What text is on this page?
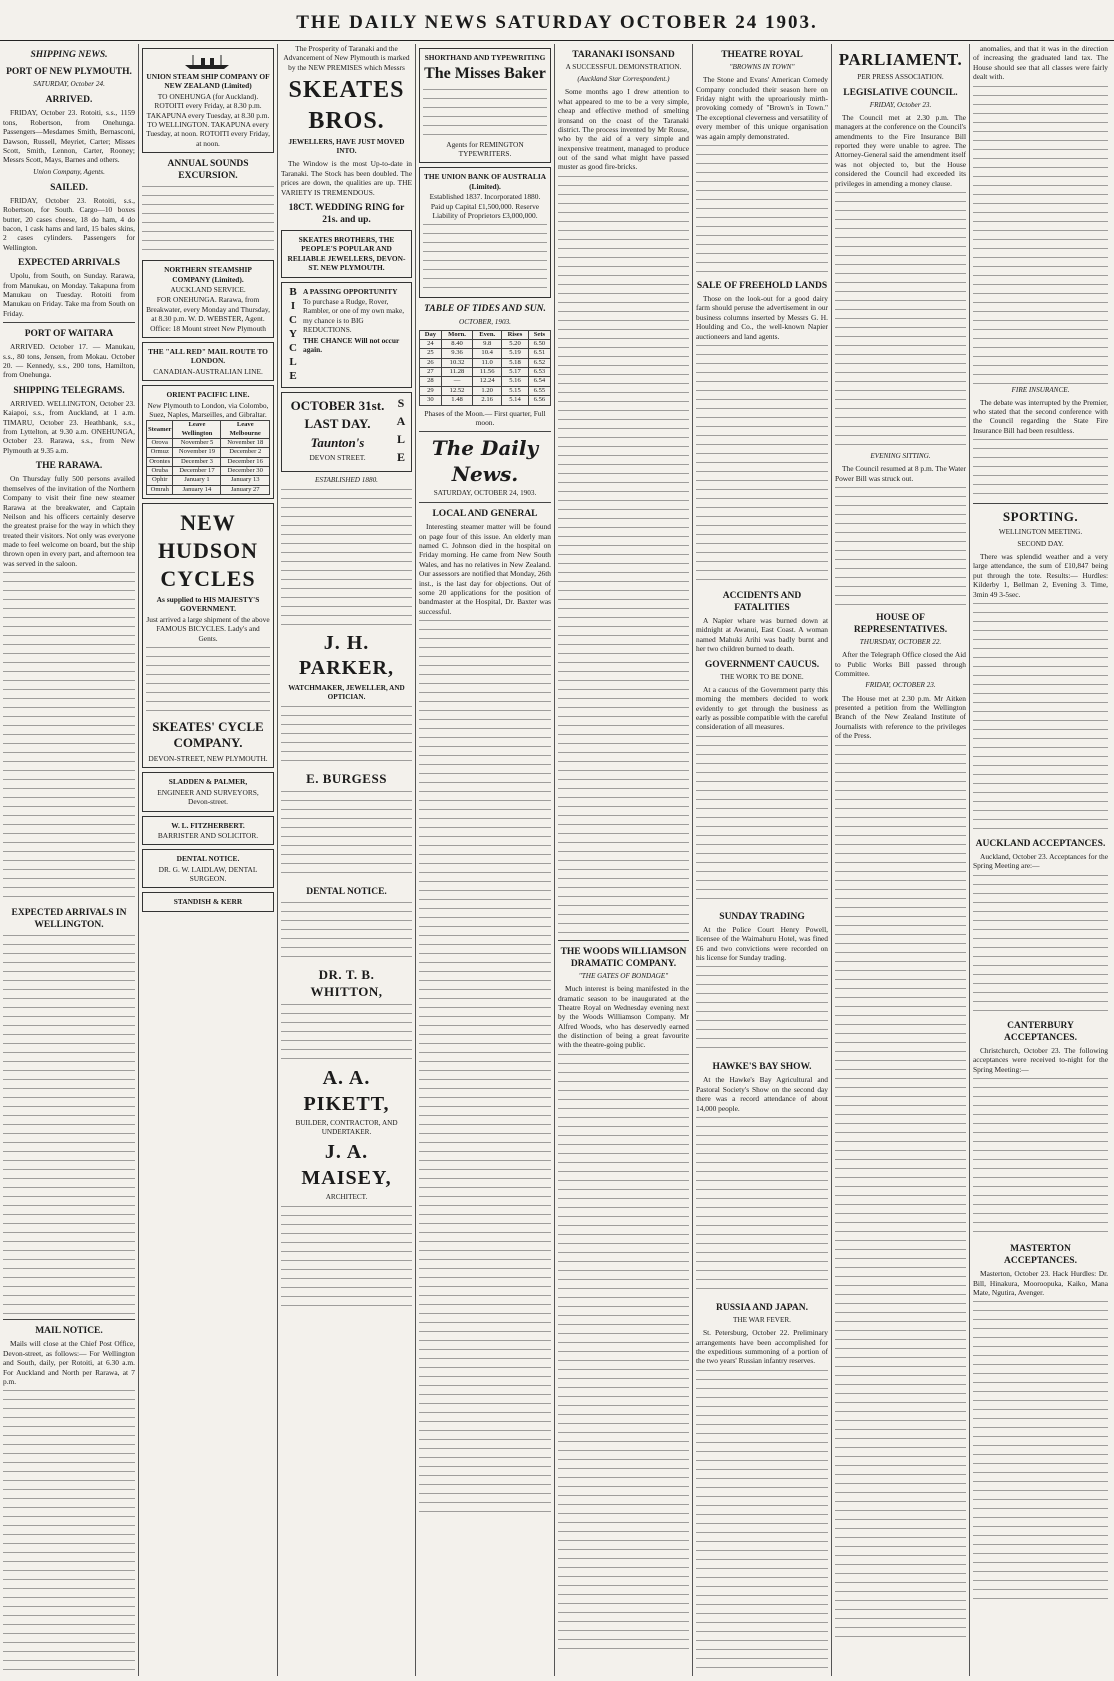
THE DAILY NEWS SATURDAY OCTOBER 24 1903.
SHIPPING NEWS.
PORT OF NEW PLYMOUTH.
SATURDAY, October 24.
ARRIVED.

FRIDAY, October 23. Rotoiti, s.s., 1159 tons, Robertson, from Onehunga. Passengers—Mesdames Smith, Bernasconi, Dawson, Russell, Meyriet, Carter; Misses Scott, Smith, Lennon, Carter, Rooney; Messrs Scott, Mays, Barnes and others.

Union Company, Agents.
SAILED.

FRIDAY, October 23. Rotoiti, s.s., Robertson, for South. Cargo—10 boxes butter, 20 cases cheese, 18 do ham, 4 do bacon, 1 cask hams and lard, 15 bales skins, 2 cases cylinders. Passengers for Wellington.

EXPECTED ARRIVALS

Upolu, from South, on Sunday. Rarawa, from Manukau, on Monday. Takapuna from Manukau on Tuesday. Rotoiti from Manukau on Friday. Take ma from South on Friday.

PORT OF WAITARA

ARRIVED. October 17. — Manukau, s.s., 80 tons, Jensen, from Mokau. October 20. — Kennedy, s.s., 200 tons, Hamilton, from Onehunga.

SHIPPING TELEGRAMS.

ARRIVED. WELLINGTON, October 23. Kaiapoi, s.s., from Auckland, at 1 a.m. TIMARU, October 23. Heathbank, s.s., from Lyttelton, at 9.30 a.m. ONEHUNGA, October 23. Rarawa, s.s., from New Plymouth at 9.35 a.m.

THE RARAWA.

On Thursday fully 500 persons availed themselves of the invitation of the Northern Company to visit their fine new steamer Rarawa at the breakwater, and Captain Neilson and his officers certainly deserve the greatest praise for the way in which they treated their visitors. Not only was everyone made to feel welcome on board, but the ship thrown open in every part, and afternoon tea was served in the saloon.

EXPECTED ARRIVALS IN WELLINGTON.
MAIL NOTICE.

Mails will close at the Chief Post Office, Devon-street, as follows:— For Wellington and South, daily, per Rotoiti, at 6.30 a.m. For Auckland and North per Rarawa, at 7 p.m.

UNION STEAM SHIP COMPANY OF NEW ZEALAND (Limited)
TO ONEHUNGA (for Auckland). ROTOITI every Friday, at 8.30 p.m. TAKAPUNA every Tuesday, at 8.30 p.m. TO WELLINGTON. TAKAPUNA every Tuesday, at noon. ROTOITI every Friday, at noon.
ANNUAL SOUNDS EXCURSION.
NORTHERN STEAMSHIP COMPANY (Limited).
AUCKLAND SERVICE.
FOR ONEHUNGA. Rarawa, from Breakwater, every Monday and Thursday, at 8.30 p.m. W. D. WEBSTER, Agent. Office: 18 Mount street New Plymouth
THE "ALL RED" MAIL ROUTE TO LONDON.
CANADIAN-AUSTRALIAN LINE.
ORIENT PACIFIC LINE.
New Plymouth to London, via Colombo, Suez, Naples, Marseilles, and Gibraltar.
Steamer	Leave Wellington	Leave Melbourne
Orova	November 5	November 18
Ormuz	November 19	December 2
Orontes	December 3	December 16
Oruba	December 17	December 30
Ophir	January 1	January 13
Omrah	January 14	January 27
NEW HUDSON CYCLES
As supplied to HIS MAJESTY'S GOVERNMENT.
Just arrived a large shipment of the above FAMOUS BICYCLES. Lady's and Gents.
SKEATES' CYCLE COMPANY.
DEVON-STREET, NEW PLYMOUTH.
SLADDEN & PALMER,
ENGINEER AND SURVEYORS, Devon-street.
W. L. FITZHERBERT.
BARRISTER AND SOLICITOR.
DENTAL NOTICE.
DR. G. W. LAIDLAW, DENTAL SURGEON.
STANDISH & KERR

The Prosperity of Taranaki and the Advancement of New Plymouth is marked by the NEW PREMISES which Messrs

SKEATES BROS.
JEWELLERS, HAVE JUST MOVED INTO.

The Window is the most Up-to-date in Taranaki. The Stock has been doubled. The prices are down, the qualities are up. THE VARIETY IS TREMENDOUS.

18CT. WEDDING RING for 21s. and up.
SKEATES BROTHERS, THE PEOPLE'S POPULAR AND RELIABLE JEWELLERS, DEVON-ST. NEW PLYMOUTH.
BICYCLE A PASSING OPPORTUNITY
To purchase a Rudge, Rover, Rambler, or one of my own make, my chance is to BIG REDUCTIONS.
THE CHANCE Will not occur again.
OCTOBER 31st.
LAST DAY.
Taunton's
DEVON STREET.	SALE
ESTABLISHED 1880.
J. H. PARKER,
WATCHMAKER, JEWELLER, AND OPTICIAN.
E. BURGESS
DENTAL NOTICE.
DR. T. B. WHITTON,
A. A. PIKETT,
BUILDER, CONTRACTOR, AND UNDERTAKER.
J. A. MAISEY,
ARCHITECT.
SHORTHAND AND TYPEWRITING
The Misses Baker
Agents for REMINGTON TYPEWRITERS.
THE UNION BANK OF AUSTRALIA (Limited).
Established 1837. Incorporated 1880. Paid up Capital £1,500,000. Reserve Liability of Proprietors £3,000,000.
TABLE OF TIDES AND SUN.
OCTOBER, 1903.
Day	Morn.	Even.	Rises	Sets
24	8.40	9.8	5.20	6.50
25	9.36	10.4	5.19	6.51
26	10.32	11.0	5.18	6.52
27	11.28	11.56	5.17	6.53
28	—	12.24	5.16	6.54
29	12.52	1.20	5.15	6.55
30	1.48	2.16	5.14	6.56

Phases of the Moon.— First quarter, Full moon.

The Daily News.
SATURDAY, OCTOBER 24, 1903.
LOCAL AND GENERAL

Interesting steamer matter will be found on page four of this issue. An elderly man named C. Johnson died in the hospital on Friday morning. He came from New South Wales, and has no relatives in New Zealand. Our assessors are notified that Monday, 26th inst., is the last day for objections. Out of some 20 applications for the position of bandmaster at the Hospital, Dr. Baxter was successful.

TARANAKI ISONSAND
A SUCCESSFUL DEMONSTRATION.
(Auckland Star Correspondent.)

Some months ago I drew attention to what appeared to me to be a very simple, cheap and effective method of smelting ironsand on the coast of the Taranaki district. The process invented by Mr Rouse, who by the aid of a very simple and inexpensive treatment, managed to produce out of the sand what might have passed muster as good fire-bricks.

THE WOODS WILLIAMSON DRAMATIC COMPANY.
"THE GATES OF BONDAGE"

Much interest is being manifested in the dramatic season to be inaugurated at the Theatre Royal on Wednesday evening next by the Woods Williamson Company. Mr Alfred Woods, who has deservedly earned the distinction of being a great favourite with the theatre-going public.

THEATRE ROYAL
"BROWNS IN TOWN"

The Stone and Evans' American Comedy Company concluded their season here on Friday night with the uproariously mirth-provoking comedy of "Brown's in Town." The exceptional cleverness and versatility of every member of this unique organisation was again amply demonstrated.

SALE OF FREEHOLD LANDS

Those on the look-out for a good dairy farm should peruse the advertisement in our business columns inserted by Messrs G. H. Houlding and Co., the well-known Napier auctioneers and land agents.

ACCIDENTS AND FATALITIES

A Napier whare was burned down at midnight at Awanui, East Coast. A woman named Mahuki Arihi was badly burnt and her two children burned to death.

GOVERNMENT CAUCUS.
THE WORK TO BE DONE.

At a caucus of the Government party this morning the members decided to work evidently to get through the business as early as possible compatible with the careful consideration of all measures.

SUNDAY TRADING

At the Police Court Henry Powell, licensee of the Waimahuru Hotel, was fined £6 and two convictions were recorded on his license for Sunday trading.

HAWKE'S BAY SHOW.

At the Hawke's Bay Agricultural and Pastoral Society's Show on the second day there was a record attendance of about 14,000 people.

RUSSIA AND JAPAN.
THE WAR FEVER.

St. Petersburg, October 22. Preliminary arrangements have been accomplished for the expeditious summoning of a portion of the two years' Russian infantry reserves.

PARLIAMENT.
PER PRESS ASSOCIATION.
LEGISLATIVE COUNCIL.
FRIDAY, October 23.

The Council met at 2.30 p.m. The managers at the conference on the Council's amendments to the Fire Insurance Bill reported they were unable to agree. The Attorney-General said the amendment itself was not objected to, but the House considered the Council had exceeded its privileges in amending a money clause.

EVENING SITTING.

The Council resumed at 8 p.m. The Water Power Bill was struck out.

HOUSE OF REPRESENTATIVES.
THURSDAY, OCTOBER 22.

After the Telegraph Office closed the Aid to Public Works Bill passed through Committee.

FRIDAY, OCTOBER 23.

The House met at 2.30 p.m. Mr Aitken presented a petition from the Wellington Branch of the New Zealand Institute of Journalists with reference to the privileges of the Press.

anomalies, and that it was in the direction of increasing the graduated land tax. The House should see that all classes were fairly dealt with.

FIRE INSURANCE.

The debate was interrupted by the Premier, who stated that the second conference with the Council regarding the State Fire Insurance Bill had been resultless.

SPORTING.
WELLINGTON MEETING.
SECOND DAY.

There was splendid weather and a very large attendance, the sum of £10,847 being put through the tote. Results:— Hurdles: Kilderby 1, Bellman 2, Evening 3. Time, 3min 49 3-5sec.

AUCKLAND ACCEPTANCES.

Auckland, October 23. Acceptances for the Spring Meeting are:—

CANTERBURY ACCEPTANCES.

Christchurch, October 23. The following acceptances were received to-night for the Spring Meeting:—

MASTERTON ACCEPTANCES.

Masterton, October 23. Hack Hurdles: Dr. Bill, Hinakura, Mooroopuka, Kaiko, Mana Mate, Ngutira, Avenger.
